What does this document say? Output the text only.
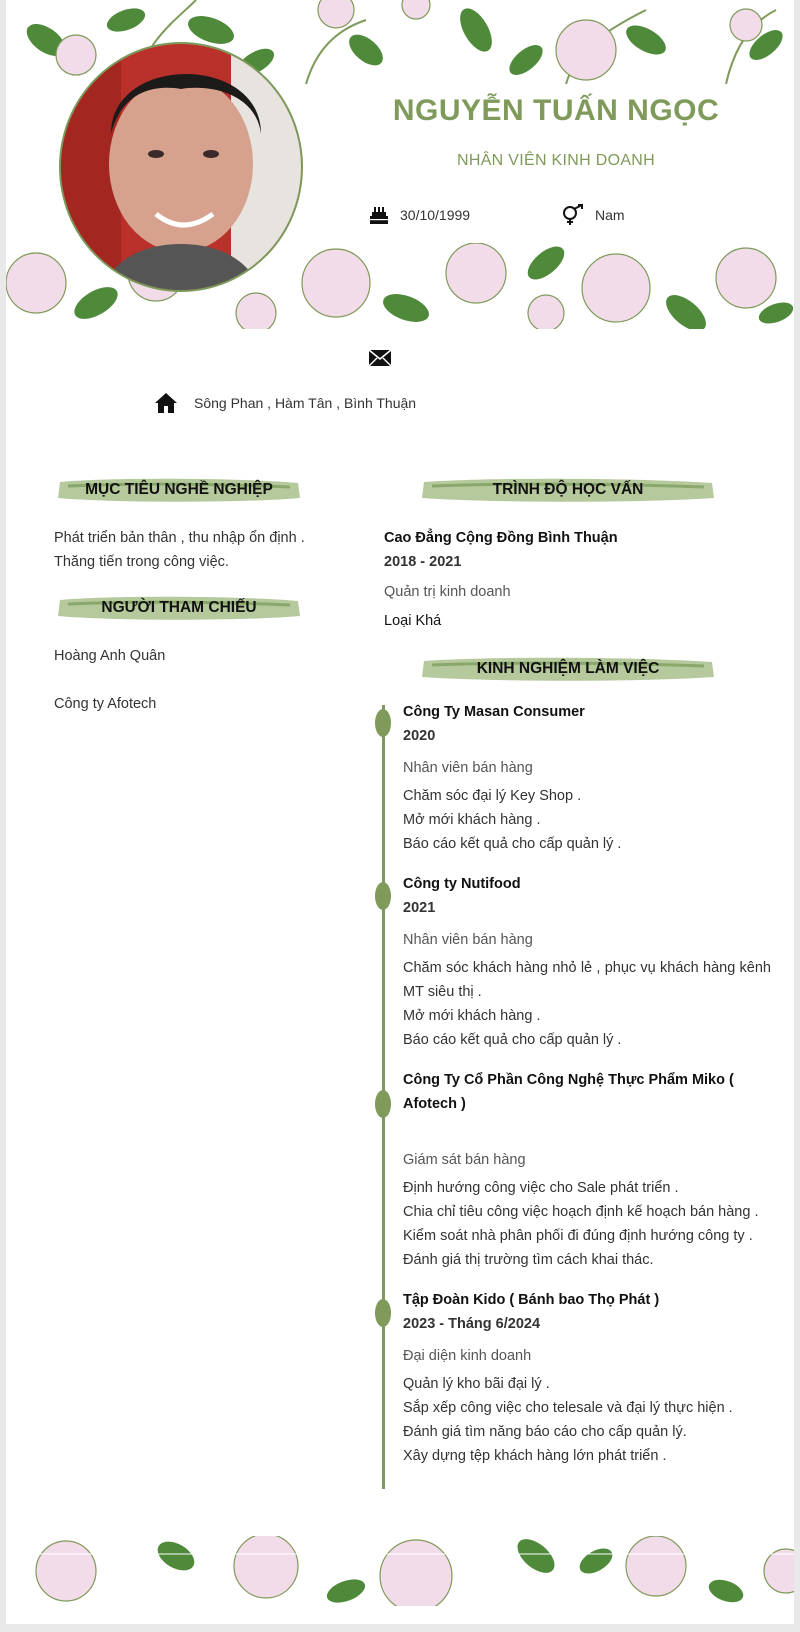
NGUYỄN TUẤN NGỌC
NHÂN VIÊN KINH DOANH
30/10/1999	Nam
Sông Phan , Hàm Tân , Bình Thuận
MỤC TIÊU NGHỀ NGHIỆP
Phát triển bản thân , thu nhập ổn định .
Thăng tiến trong công việc.
NGƯỜI THAM CHIẾU
Hoàng Anh Quân
Công ty Afotech
TRÌNH ĐỘ HỌC VẤN
Cao Đẳng Cộng Đồng Bình Thuận
2018 - 2021
Quản trị kinh doanh
Loại Khá
KINH NGHIỆM LÀM VIỆC
Công Ty Masan Consumer
2020
Nhân viên bán hàng
Chăm sóc đại lý Key Shop .
Mở mới khách hàng .
Báo cáo kết quả cho cấp quản lý .
Công ty Nutifood
2021
Nhân viên bán hàng
Chăm sóc khách hàng nhỏ lẻ , phục vụ khách hàng kênh MT siêu thị .
Mở mới khách hàng .
Báo cáo kết quả cho cấp quản lý .
Công Ty Cổ Phần Công Nghệ Thực Phẩm Miko ( Afotech )
Giám sát bán hàng
Định hướng công việc cho Sale phát triển .
Chia chỉ tiêu công việc hoạch định kế hoạch bán hàng .
Kiểm soát nhà phân phối đi đúng định hướng công ty .
Đánh giá thị trường tìm cách khai thác.
Tập Đoàn Kido ( Bánh bao Thọ Phát )
2023 - Tháng 6/2024
Đại diện kinh doanh
Quản lý kho bãi đại lý .
Sắp xếp công việc cho telesale và đại lý thực hiện .
Đánh giá tìm năng báo cáo cho cấp quản lý.
Xây dựng tệp khách hàng lớn phát triển .
